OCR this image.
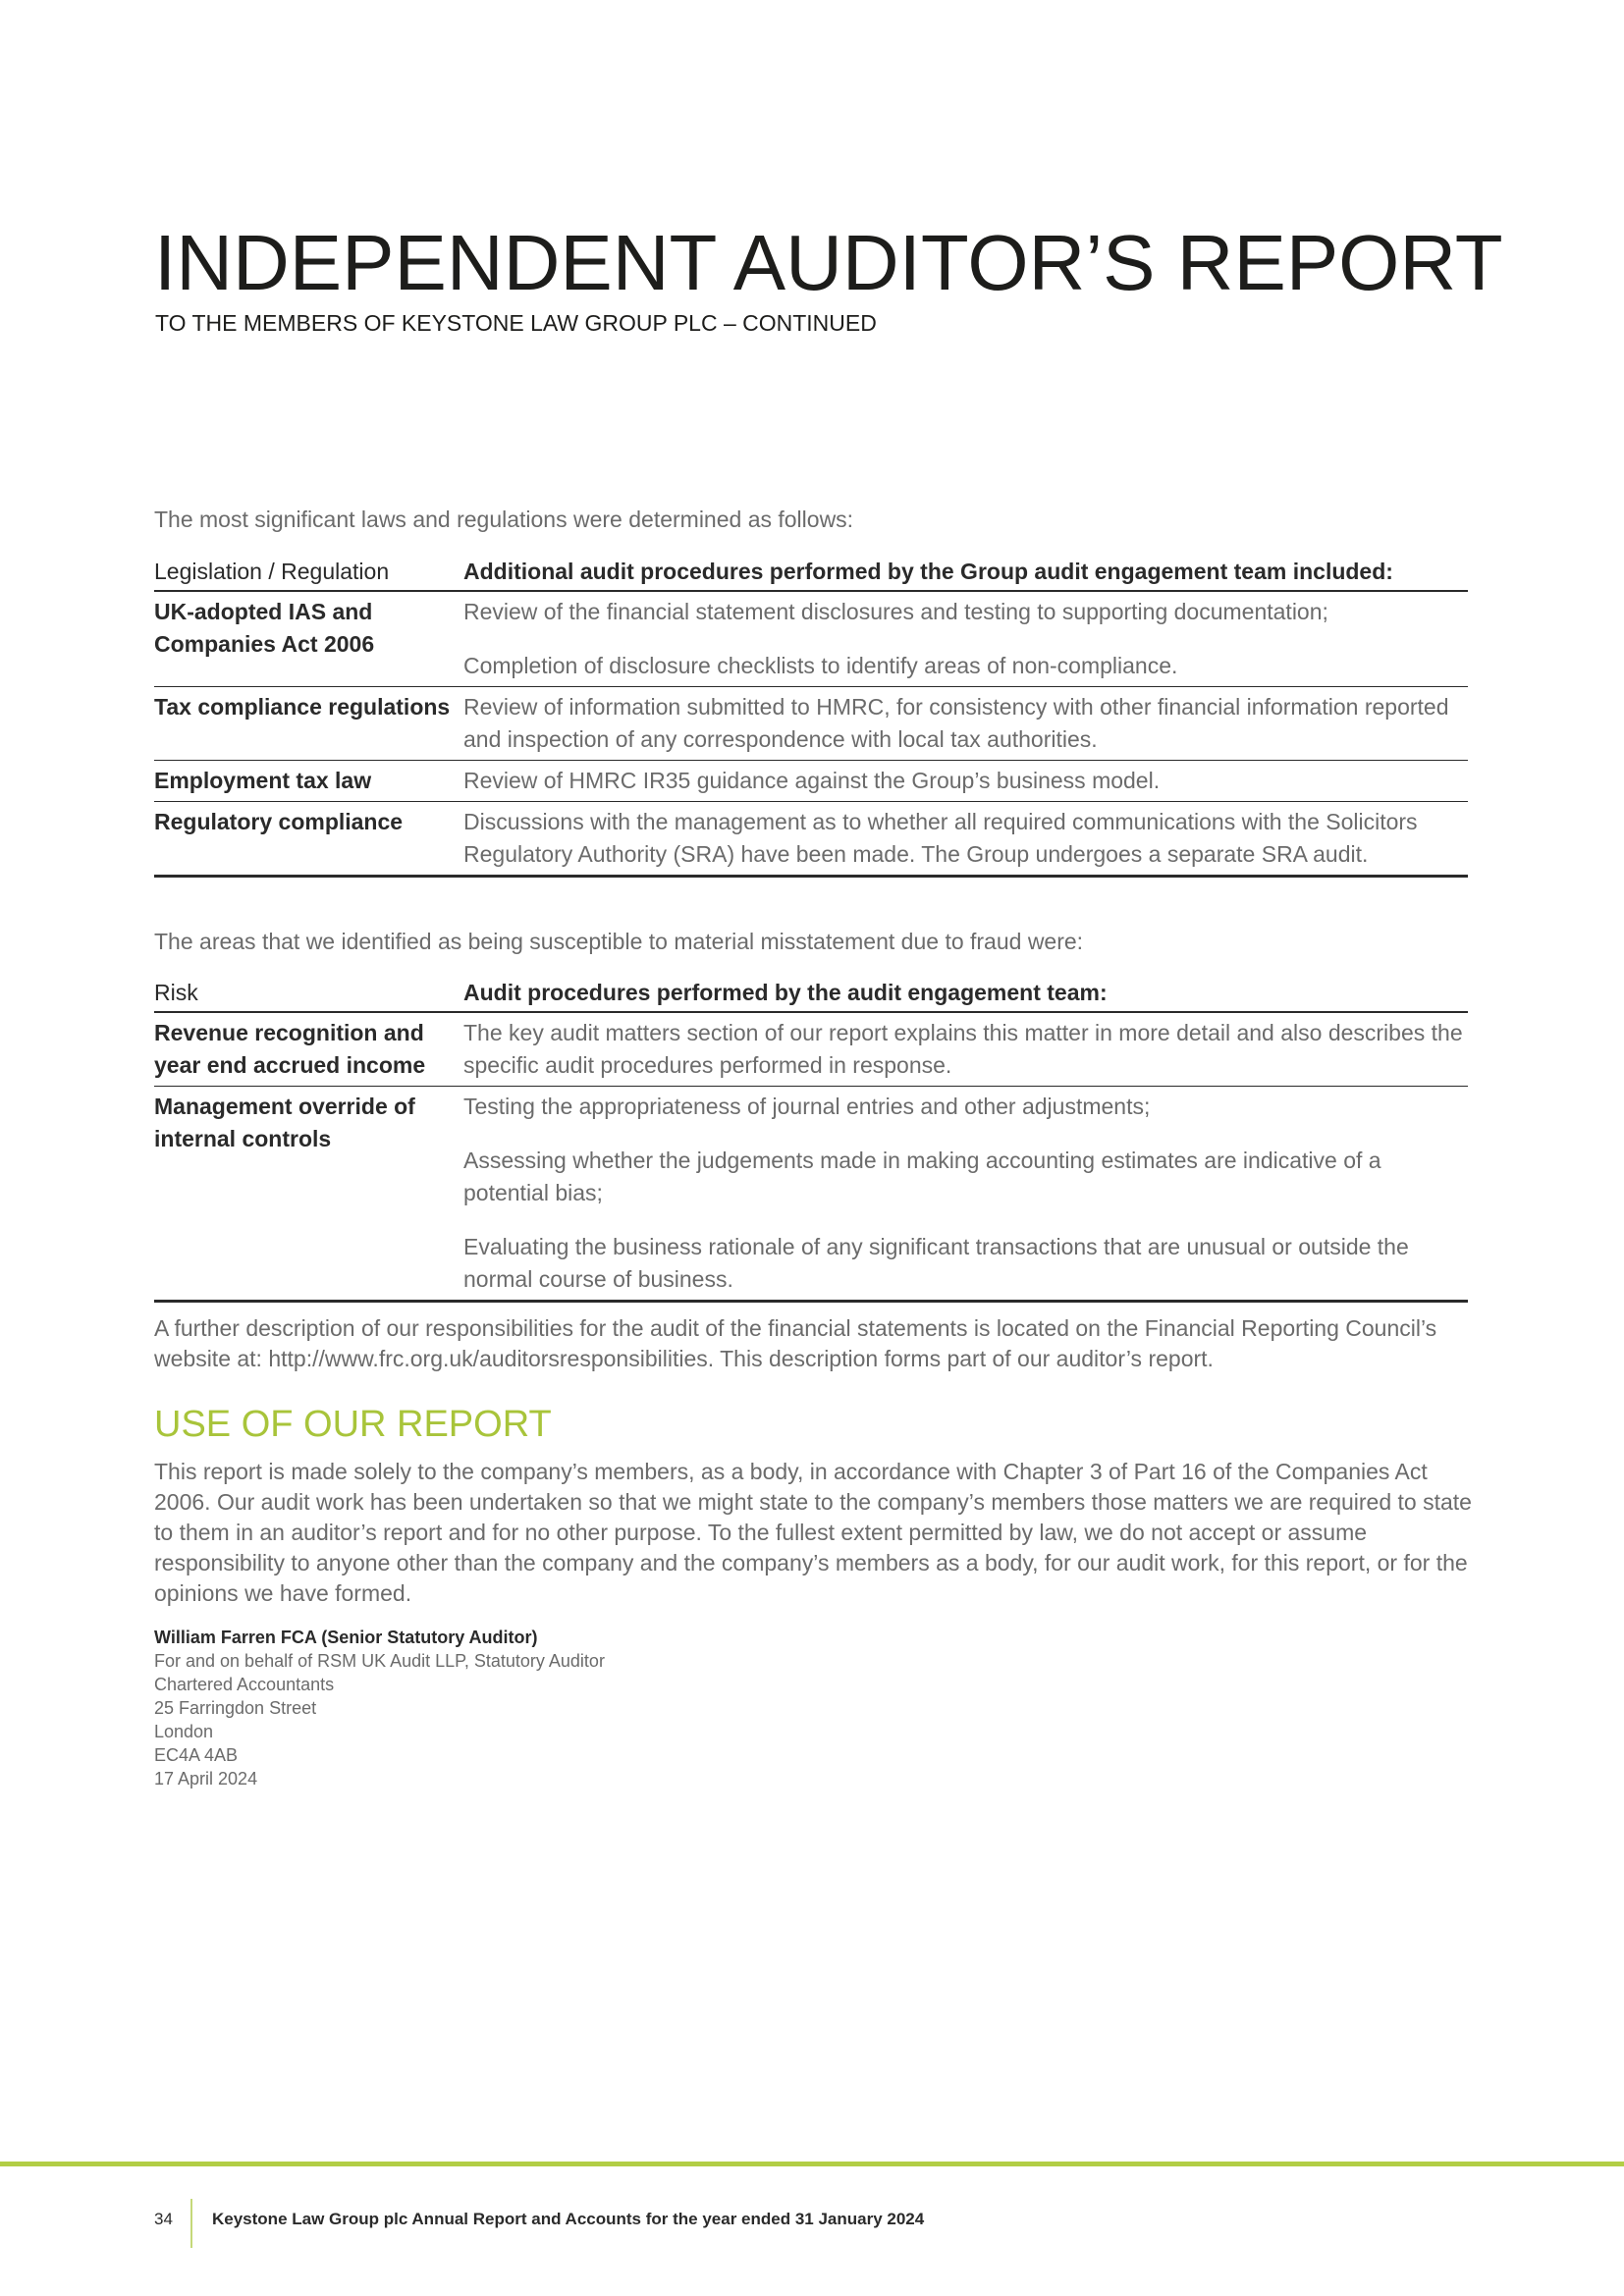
INDEPENDENT AUDITOR’S REPORT
TO THE MEMBERS OF KEYSTONE LAW GROUP PLC – CONTINUED
The most significant laws and regulations were determined as follows:
Legislation / Regulation	Additional audit procedures performed by the Group audit engagement team included:
UK-adopted IAS and Companies Act 2006	Review of the financial statement disclosures and testing to supporting documentation;
Completion of disclosure checklists to identify areas of non-compliance.

Tax compliance regulations	Review of information submitted to HMRC, for consistency with other financial information reported and inspection of any correspondence with local tax authorities.

Employment tax law	Review of HMRC IR35 guidance against the Group’s business model.

Regulatory compliance	Discussions with the management as to whether all required communications with the Solicitors Regulatory Authority (SRA) have been made. The Group undergoes a separate SRA audit.
The areas that we identified as being susceptible to material misstatement due to fraud were:
Risk	Audit procedures performed by the audit engagement team:
Revenue recognition and year end accrued income	The key audit matters section of our report explains this matter in more detail and also describes the specific audit procedures performed in response.

Management override of internal controls	Testing the appropriateness of journal entries and other adjustments;
Assessing whether the judgements made in making accounting estimates are indicative of a potential bias;
Evaluating the business rationale of any significant transactions that are unusual or outside the normal course of business.
A further description of our responsibilities for the audit of the financial statements is located on the Financial Reporting Council’s website at: http://www.frc.org.uk/auditorsresponsibilities. This description forms part of our auditor’s report.
USE OF OUR REPORT
This report is made solely to the company’s members, as a body, in accordance with Chapter 3 of Part 16 of the Companies Act 2006. Our audit work has been undertaken so that we might state to the company’s members those matters we are required to state to them in an auditor’s report and for no other purpose. To the fullest extent permitted by law, we do not accept or assume responsibility to anyone other than the company and the company’s members as a body, for our audit work, for this report, or for the opinions we have formed.
William Farren FCA (Senior Statutory Auditor)
For and on behalf of RSM UK Audit LLP, Statutory Auditor
Chartered Accountants
25 Farringdon Street
London
EC4A 4AB
17 April 2024
34 Keystone Law Group plc Annual Report and Accounts for the year ended 31 January 2024
